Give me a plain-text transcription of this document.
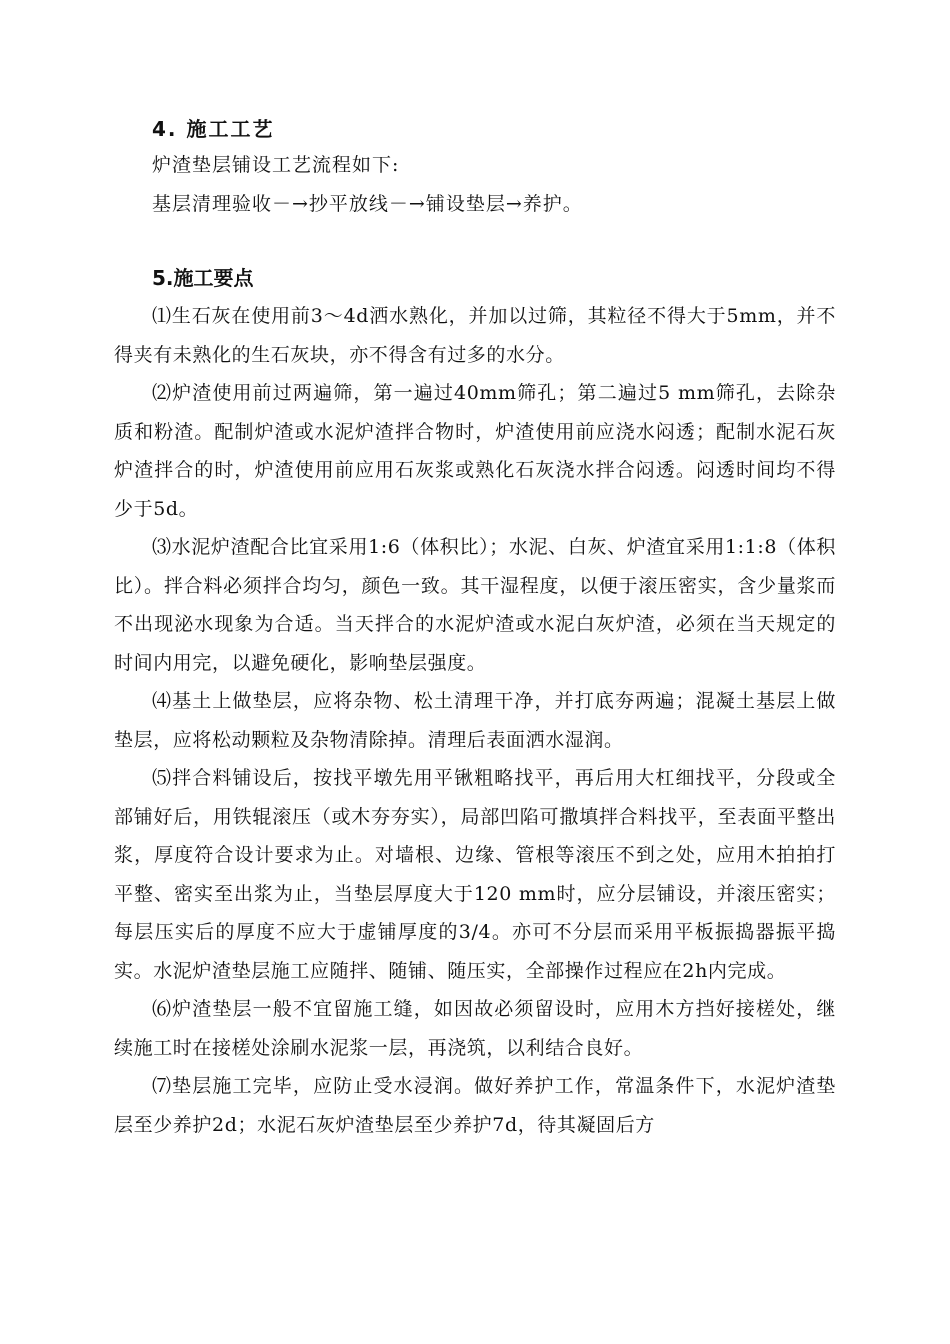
4. 施工工艺

炉渣垫层铺设工艺流程如下:

基层清理验收－→抄平放线－→铺设垫层→养护。

5.施工要点

⑴生石灰在使用前3～4d洒水熟化，并加以过筛，其粒径不得大于5mm，并不得夹有未熟化的生石灰块，亦不得含有过多的水分。

⑵炉渣使用前过两遍筛，第一遍过40mm筛孔；第二遍过5 mm筛孔，去除杂质和粉渣。配制炉渣或水泥炉渣拌合物时，炉渣使用前应浇水闷透；配制水泥石灰炉渣拌合的时，炉渣使用前应用石灰浆或熟化石灰浇水拌合闷透。闷透时间均不得少于5d。

⑶水泥炉渣配合比宜采用1:6（体积比）；水泥、白灰、炉渣宜采用1:1:8（体积比）。拌合料必须拌合均匀，颜色一致。其干湿程度，以便于滚压密实，含少量浆而不出现泌水现象为合适。当天拌合的水泥炉渣或水泥白灰炉渣，必须在当天规定的时间内用完，以避免硬化，影响垫层强度。

⑷基土上做垫层，应将杂物、松土清理干净，并打底夯两遍；混凝土基层上做垫层，应将松动颗粒及杂物清除掉。清理后表面洒水湿润。

⑸拌合料铺设后，按找平墩先用平锹粗略找平，再后用大杠细找平，分段或全部铺好后，用铁辊滚压（或木夯夯实），局部凹陷可撒填拌合料找平，至表面平整出浆，厚度符合设计要求为止。对墙根、边缘、管根等滚压不到之处，应用木拍拍打平整、密实至出浆为止，当垫层厚度大于120 mm时，应分层铺设，并滚压密实；每层压实后的厚度不应大于虚铺厚度的3/4。亦可不分层而采用平板振捣器振平捣实。水泥炉渣垫层施工应随拌、随铺、随压实，全部操作过程应在2h内完成。

⑹炉渣垫层一般不宜留施工缝，如因故必须留设时，应用木方挡好接槎处，继续施工时在接槎处涂刷水泥浆一层，再浇筑，以利结合良好。

⑺垫层施工完毕，应防止受水浸润。做好养护工作，常温条件下，水泥炉渣垫层至少养护2d；水泥石灰炉渣垫层至少养护7d，待其凝固后方
